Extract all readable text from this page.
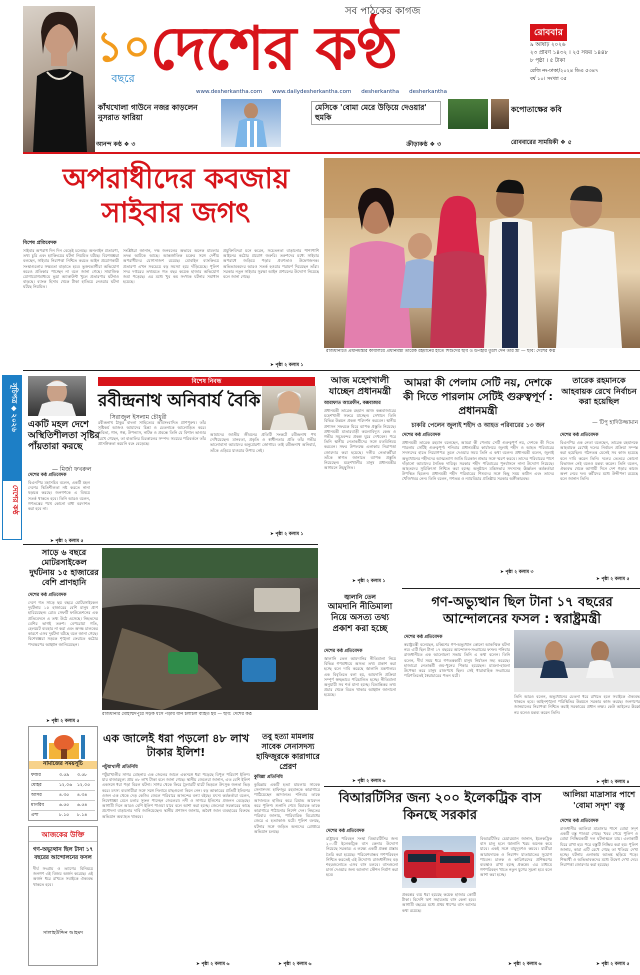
সব পাঠকের কাগজ
১০
বছরে দেশের কণ্ঠ	রোববার
৯ আষাঢ় ২০২৬
২৩ প্রাবণ ১৪৩২ । ২৫ সফর ১৪৪৮
৮ পৃষ্ঠা । ৫ টাকা
রেজি নং-ঢাকা/২০২৪ ডিএ ৫৩৪৭
বর্ষ ১০। সংখ্যা ৩৫
www.desherkantha.com www.dailydesherkantha.com desherkantha desherkantha
কাঁখখোলা গাউনে নজর কাড়লেন নুসরাত ফারিয়া
আনন্দ কণ্ঠ ❖ ৩
মেসিকে 'বোমা মেরে উড়িয়ে দেওয়ার' হুমকি
ক্রীড়াকণ্ঠ ❖ ৩
কপোতাক্ষের কবি
রোববারের সাময়িকী ❖ ৫
অপরাধীদের কবজায় সাইবার জগৎ
বিশেষ প্রতিবেদক
সাইবার অপরাধ দিন দিন বেড়েই চলেছে। অনলাইন প্রতারণা, তথ্য চুরি এবং হ্যাকিংয়ের ঘটনা নিয়মিত ঘটছে। বিশেষজ্ঞরা বলছেন, সাইবার নিরাপত্তা নিশ্চিত করতে আইন প্রয়োগকারী সংস্থাগুলোর সক্ষমতা বাড়াতে হবে। ভুক্তভোগীরা অভিযোগ করেও প্রতিকার পাচ্ছেন না বলে জানা গেছে। সামাজিক যোগাযোগমাধ্যমে ভুয়া অ্যাকাউন্ট খুলে প্রতারণার ঘটনাও বাড়ছে। ব্যাংক হিসাব থেকে টাকা হাতিয়ে নেওয়ার ঘটনা ঘটছে নিয়মিত।
সংশ্লিষ্টরা জানান, দক্ষ জনবলের অভাবে অনেক মামলার তদন্ত আটকে আছে। আন্তর্জাতিক চক্রের সঙ্গে দেশীয় অপরাধীদের যোগসাজশ রয়েছে। মোবাইল ব্যাংকিংয়ে প্রতারণা এখন সবচেয়ে বড় সমস্যা হয়ে দাঁড়িয়েছে। পুলিশ সদর দপ্তরের তথ্যমতে গত বছর কয়েক হাজার অভিযোগ জমা পড়েছে। এর মধ্যে খুব কম সংখ্যক ঘটনার সমাধান হয়েছে।
প্রযুক্তিবিদরা মনে করেন, সচেতনতা বাড়ানোর পাশাপাশি আইনের কঠোর প্রয়োগ জরুরি। তরুণদের মধ্যে সাইবার অপরাধে জড়িয়ে পড়ার প্রবণতাও উদ্বেগজনক। অভিভাবকদের আরও সতর্ক হওয়ার পরামর্শ দিয়েছেন তাঁরা। সরকার নতুন সাইবার সুরক্ষা আইন প্রণয়নের উদ্যোগ নিয়েছে বলে জানা গেছে।
➤ পৃষ্ঠা ২ কলাম ১
রাজধানীতে প্রধানমন্ত্রীর কার্যালয়ে প্রধানমন্ত্রী তারেক রহমানের হাতে শিশুদের ছবি ও উপহার তুলে দেন তাঁর স্ত্রী — ছবি: দেশের কণ্ঠ
সূচিপত্র ◆ ২০২৬
দেশের কণ্ঠ
বিশেষ নিবন্ধ
রবীন্দ্রনাথ অনিবার্য বৈকি
সিরাজুল ইসলাম চৌধুরী
একটি মহল দেশে অস্থিতিশীলতা সৃষ্টির পাঁয়তারা করছে
— মির্জা ফখরুল
দেশের কণ্ঠ প্রতিবেদক
বিএনপির মহাসচিব বলেন, একটি মহল দেশের স্থিতিশীলতা নষ্ট করতে নানা ষড়যন্ত্র করছে। জনগণকে এ বিষয়ে সতর্ক থাকতে হবে। তিনি আরও বলেন, গণতন্ত্রের পথে কোনো বাধা বরদাশত করা হবে না।
➤ পৃষ্ঠা ২ কলাম ৫
রবীন্দ্রনাথ ঠাকুর বাংলা সাহিত্যের অবিসংবাদিত প্রাণপুরুষ। তাঁর সৃষ্টিকর্ম আজও আমাদের চিন্তা ও চেতনাকে আলোড়িত করে। কবিতা, গান, গল্প, উপন্যাস, নাটক ও প্রবন্ধে তিনি যে বিশাল ভাণ্ডার রেখে গেছেন, তা বাঙালির চিরকালের সম্পদ। সময়ের পরিবর্তনে তাঁর প্রাসঙ্গিকতা কমেনি বরং বেড়েছে।
আমাদের জাতীয় জীবনের প্রতিটি সংকটে রবীন্দ্রনাথ পথ দেখিয়েছেন। মানবতা, প্রকৃতি ও স্বাধীনতার প্রতি তাঁর গভীর ভালোবাসা আমাদের অনুপ্রেরণা জোগায়। তাই রবীন্দ্রনাথ অনিবার্য, তাঁকে এড়িয়ে যাওয়ার উপায় নেই।
➤ পৃষ্ঠা ২ কলাম ১
সাড়ে ৬ বছরে মোটরসাইকেল দুর্ঘটনায় ১৫ হাজারের বেশি প্রাণহানি
দেশের কণ্ঠ প্রতিবেদক
দেশে গত সাড়ে ছয় বছরে মোটরসাইকেল দুর্ঘটনায় ১৫ হাজারের বেশি মানুষ প্রাণ হারিয়েছেন। রোড সেফটি ফাউন্ডেশনের এক প্রতিবেদনে এ তথ্য উঠে এসেছে। নিহতদের বেশির ভাগই তরুণ। বেপরোয়া গতি, হেলমেট ব্যবহার না করা এবং অদক্ষ চালকের কারণে এসব দুর্ঘটনা ঘটছে বলে জানা গেছে। বিশেষজ্ঞরা সড়কে শৃঙ্খলা ফেরাতে কঠোর পদক্ষেপের আহ্বান জানিয়েছেন।
➤ পৃষ্ঠা ২ কলাম ৫
নামাজের সময়সূচি
ফজর	৩.৫৯	৩.৫৮
যোহর	১২.০৬	১২.০৫
আসর	৪.৩৫	৪.৩৪
মাগরিব	৬.৫৫	৬.৫৪
এশা	৮.১৫	৮.১৪
আজকের উক্তি
গণ-অভ্যুত্থান ছিল টানা ১৭ বছরের আন্দোলনের ফসল
দীর্ঘ সংগ্রাম ও ত্যাগের বিনিময়ে জনগণ এই বিজয় অর্জন করেছে। এই অর্জন ধরে রাখতে সবাইকে ঐক্যবদ্ধ থাকতে হবে।
সালাহউদ্দিন আহমদ
রাজধানীর মোহাম্মদপুরে সড়ক ধসে পড়ায় যান চলাচল ব্যাহত হয় — ছবি: দেশের কণ্ঠ
এক জালেই ধরা পড়লো ৪৮ লাখ টাকার ইলিশ!
পটুয়াখালী প্রতিনিধি
পটুয়াখালীর সাগর মোহনায় এক জেলের জালে একসঙ্গে ধরা পড়েছে বিপুল পরিমাণ ইলিশ। যার বাজারমূল্য প্রায় ৪৮ লাখ টাকা বলে জানা গেছে। স্থানীয় জেলেরা জানান, এত বেশি ইলিশ একসঙ্গে ধরা পড়া বিরল ঘটনা। সাগর থেকে ফিরে ট্রলারটি ঘাটে ভিড়লে উৎসুক জনতা ভিড় করে। মৎস্য ব্যবসায়ীরা সঙ্গে সঙ্গে নিলামে মাছগুলো কিনে নেন। বড় আকারের প্রতিটি ইলিশের ওজন এক থেকে দেড় কেজি। জেলে পরিবারে আনন্দের বন্যা বইছে। মৎস্য কর্মকর্তারা বলেন, নিষেধাজ্ঞা মেনে চলার সুফল পাচ্ছেন জেলেরা। নদী ও সাগরে ইলিশের প্রজনন বেড়েছে। আগামী দিনে আরও বেশি ইলিশ পাওয়া যাবে বলে আশা করা হচ্ছে। জেলেরা সরকারের কাছে প্রণোদনা বাড়ানোর দাবি জানিয়েছেন। স্থানীয় প্রশাসন জানায়, অবৈধ জাল ব্যবহারের বিরুদ্ধে অভিযান অব্যাহত থাকবে।
➤ পৃষ্ঠা ২ কলাম ৬
তবু হত্যা মামলায় সাবেক সেনাসদস্য হাফিজুরকে কারাগারে প্রেরণ
কুমিল্লা প্রতিনিধি
কুমিল্লায় একটি হত্যা মামলায় সাবেক সেনাসদস্য হাফিজুর রহমানকে কারাগারে পাঠিয়েছেন আদালত। শনিবার তাকে আদালতে হাজির করে রিমান্ড আবেদন করে পুলিশ। শুনানি শেষে বিচারক তাকে কারাগারে পাঠানোর নির্দেশ দেন। নিহতের পরিবার জানায়, পারিবারিক বিরোধের জেরে এ হত্যাকাণ্ড ঘটে। পুলিশ বলছে, ঘটনার সঙ্গে জড়িত অন্যদের গ্রেপ্তারে অভিযান চলছে।
➤ পৃষ্ঠা ২ কলাম ৬
আজ মহেশখালী যাচ্ছেন প্রধানমন্ত্রী
আরাফাত আরেফীন, কক্সবাজার
প্রধানমন্ত্রী তারেক রহমান আজ কক্সবাজারের মহেশখালী সফরে যাচ্ছেন। সেখানে তিনি বিভিন্ন উন্নয়ন প্রকল্প পরিদর্শন করবেন। স্থানীয় প্রশাসন সফরকে ঘিরে ব্যাপক প্রস্তুতি নিয়েছে। প্রধানমন্ত্রী মাতারবাড়ী কয়লাবিদ্যুৎ কেন্দ্র ও গভীর সমুদ্রবন্দর প্রকল্প ঘুরে দেখবেন। পরে তিনি স্থানীয় নেতাকর্মীদের সঙ্গে মতবিনিময় করবেন। সফর উপলক্ষে এলাকায় নিরাপত্তা জোরদার করা হয়েছে। দলীয় নেতাকর্মীরা তাঁকে স্বাগত জানাতে ব্যাপক প্রস্তুতি নিয়েছেন। মহেশখালীর মানুষ প্রধানমন্ত্রীর আগমনে উচ্ছ্বসিত।
➤ পৃষ্ঠা ২ কলাম ১
আমরা কী পেলাম সেটি নয়, দেশকে কী দিতে পারলাম সেটিই গুরুত্বপূর্ণ : প্রধানমন্ত্রী
চাকরি পেলেন জুলাই শহীদ ও আহত পরিবারের ১৩ জন
দেশের কণ্ঠ প্রতিবেদক
প্রধানমন্ত্রী তারেক রহমান বলেছেন, আমরা কী পেলাম সেটি গুরুত্বপূর্ণ নয়, দেশকে কী দিতে পারলাম সেটিই গুরুত্বপূর্ণ। শনিবার প্রধানমন্ত্রীর কার্যালয়ে জুলাই শহীদ ও আহত পরিবারের সদস্যদের হাতে নিয়োগপত্র তুলে দেওয়ার সময় তিনি এ কথা বলেন। প্রধানমন্ত্রী বলেন, জুলাই অভ্যুত্থানের শহীদদের আত্মত্যাগ জাতি চিরকাল শ্রদ্ধার সঙ্গে স্মরণ করবে। তাদের পরিবারের পাশে দাঁড়ানো আমাদের নৈতিক দায়িত্ব। সরকার শহীদ পরিবারের পুনর্বাসনে নানা উদ্যোগ নিয়েছে। আহতদের সুচিকিৎসা নিশ্চিত করা হচ্ছে। অনুষ্ঠানে মন্ত্রিসভার সদস্যসহ ঊর্ধ্বতন কর্মকর্তারা উপস্থিত ছিলেন। প্রধানমন্ত্রী শহীদ পরিবারের শিশুদের সঙ্গে কিছু সময় কাটান এবং তাদের খোঁজখবর নেন। তিনি বলেন, গণতন্ত্র ও ন্যায়বিচার প্রতিষ্ঠায় সরকার অঙ্গীকারবদ্ধ।
➤ পৃষ্ঠা ২ কলাম ৩
তারেক রহমানকে আহবায়ক রেখে নির্বাচন করা হয়েছিল
— টিপু হাদিউজ্জামান
দেশের কণ্ঠ প্রতিবেদক
বিএনপির এক নেতা বলেছেন, তারেক রহমানকে আহবায়ক রেখেই দলের নির্বাচন প্রক্রিয়া সম্পন্ন করা হয়েছিল। গঠনতন্ত্র মেনেই সব কাজ হয়েছে বলে দাবি করেন তিনি। দলের ভেতরে কোনো বিভাজন নেই বলেও মন্তব্য করেন। তিনি বলেন, ঐক্যবদ্ধ থেকে আগামী দিনে দেশ গড়ার কাজে অংশ নেবে দল। কর্মীদের মধ্যে উদ্দীপনা রয়েছে বলে জানান তিনি।
➤ পৃষ্ঠা ২ কলাম ৫
জ্বালানি তেল
আমদানি নীতিমালা নিয়ে অসত্য তথ্য প্রকাশ করা হচ্ছে
দেশের কণ্ঠ প্রতিবেদক
জ্বালানি তেল আমদানির নীতিমালা নিয়ে বিভিন্ন গণমাধ্যমে অসত্য তথ্য প্রকাশ করা হচ্ছে বলে দাবি করেছে জ্বালানি মন্ত্রণালয়। এক বিবৃতিতে বলা হয়, আমদানি প্রক্রিয়া সম্পূর্ণ স্বচ্ছভাবে পরিচালিত হচ্ছে। নীতিমালা অনুযায়ী সব শর্ত মানা হচ্ছে। বিভ্রান্তিকর তথ্য প্রচার থেকে বিরত থাকার আহ্বান জানানো হয়েছে।
➤ পৃষ্ঠা ২ কলাম ৬
গণ-অভ্যুত্থান ছিল টানা ১৭ বছরের আন্দোলনের ফসল : স্বরাষ্ট্রমন্ত্রী
দেশের কণ্ঠ প্রতিবেদক
স্বরাষ্ট্রমন্ত্রী বলেছেন, চব্বিশের গণ-অভ্যুত্থান কোনো আকস্মিক ঘটনা নয়। এটি ছিল টানা ১৭ বছরের আন্দোলন-সংগ্রামের ফসল। শনিবার রাজধানীতে এক আলোচনা সভায় তিনি এ কথা বলেন। তিনি বলেন, দীর্ঘ সময় ধরে গণতন্ত্রকামী মানুষ নির্যাতন সহ্য করেছে। হাজারো নেতাকর্মী গুম-খুনের শিকার হয়েছেন। মামলা-হামলা উপেক্ষা করে মানুষ রাজপথে ছিল। সেই ধারাবাহিক সংগ্রামের পরিণতিতেই স্বৈরাচারের পতন ঘটে।
তিনি আরও বলেন, অভ্যুত্থানের চেতনা ধরে রাখতে হলে সবাইকে ঐক্যবদ্ধ থাকতে হবে। আইনশৃঙ্খলা পরিস্থিতির উন্নয়নে সরকার কাজ করছে। জনগণের জানমালের নিরাপত্তা নিশ্চিত করাই সরকারের প্রধান লক্ষ্য। কেউ আইনের ঊর্ধ্বে নয় বলেও মন্তব্য করেন তিনি।
➤ পৃষ্ঠা ২ কলাম ৪
বিআরটিসির জন্য ২০০ ইলেকট্রিক বাস কিনছে সরকার
দেশের কণ্ঠ প্রতিবেদক
রাষ্ট্রায়ত্ত পরিবহন সংস্থা বিআরটিসির জন্য ২০০টি ইলেকট্রিক বাস কেনার উদ্যোগ নিয়েছে সরকার। এ লক্ষ্যে একটি প্রকল্প প্রস্তাব তৈরি করা হয়েছে। পরিবেশবান্ধব গণপরিবহন নিশ্চিত করতেই এই উদ্যোগ। রাজধানীসহ বড় শহরগুলোতে এসব বাস চলবে। বাসগুলো চার্জ দেওয়ার জন্য আলাদা স্টেশন নির্মাণ করা হবে।
প্রকল্পের ব্যয় ধরা হয়েছে কয়েক হাজার কোটি টাকা। বিদেশি ঋণ সহায়তায় বাস কেনা হবে। আগামী বছরের মধ্যে প্রথম ধাপের বাস আসার কথা রয়েছে।
বিআরটিসির চেয়ারম্যান জানান, ইলেকট্রিক বাস চালু হলে জ্বালানি খরচ অনেক কমে যাবে। একই সঙ্গে বায়ুদূষণও কমবে। যাত্রীরা আরামদায়ক ও নিরাপদ যাতায়াতের সুযোগ পাবেন। চালক ও কারিগরদের প্রশিক্ষণের ব্যবস্থাও রাখা হচ্ছে প্রকল্পে। এর মাধ্যমে গণপরিবহন খাতে নতুন যুগের সূচনা হবে বলে আশা করা হচ্ছে।
➤ পৃষ্ঠা ২ কলাম ৬
আলিয়া মাদ্রাসার পাশে 'বোমা সদৃশ' বস্তু
দেশের কণ্ঠ প্রতিবেদক
রাজধানীর আলিয়া মাদ্রাসার পাশে বোমা সদৃশ একটি বস্তু পাওয়া গেছে। খবর পেয়ে পুলিশ ও বোমা নিষ্ক্রিয়কারী দল ঘটনাস্থলে যায়। এলাকাটি ঘিরে রাখা হয়। পরে বস্তুটি নিষ্ক্রিয় করা হয়। পুলিশ জানায়, কারা এটি রেখে গেছে তা খতিয়ে দেখা হচ্ছে। ঘটনায় এলাকায় আতঙ্ক ছড়িয়ে পড়ে। শিক্ষার্থী ও অভিভাবকদের মধ্যে উদ্বেগ দেখা দেয়। নিরাপত্তা জোরদার করা হয়েছে।
➤ পৃষ্ঠা ২ কলাম ৫
